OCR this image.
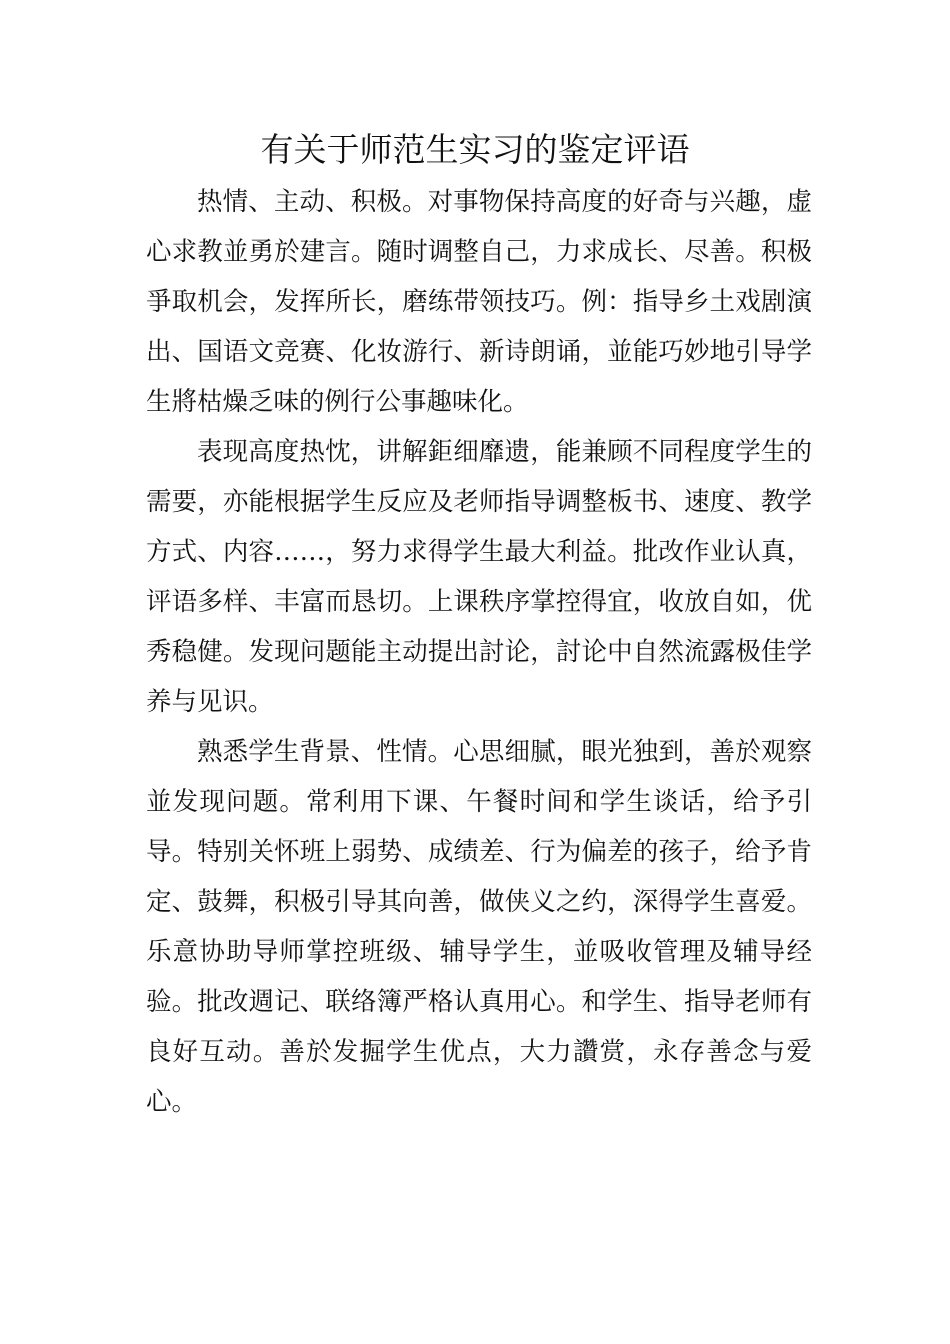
有关于师范生实习的鉴定评语

热情、主动、积极。对事物保持高度的好奇与兴趣，虚心求教並勇於建言。随时调整自己，力求成长、尽善。积极爭取机会，发挥所长，磨练带领技巧。例：指导乡土戏剧演出、国语文竞赛、化妆游行、新诗朗诵，並能巧妙地引导学生將枯燥乏味的例行公事趣味化。

表现高度热忱，讲解鉅细靡遗，能兼顾不同程度学生的需要，亦能根据学生反应及老师指导调整板书、速度、教学方式、内容……，努力求得学生最大利益。批改作业认真，评语多样、丰富而恳切。上课秩序掌控得宜，收放自如，优秀稳健。发现问题能主动提出討论，討论中自然流露极佳学养与见识。

熟悉学生背景、性情。心思细腻，眼光独到，善於观察並发现问题。常利用下课、午餐时间和学生谈话，给予引导。特别关怀班上弱势、成绩差、行为偏差的孩子，给予肯定、鼓舞，积极引导其向善，做侠义之约，深得学生喜爱。乐意协助导师掌控班级、辅导学生，並吸收管理及辅导经验。批改週记、联络簿严格认真用心。和学生、指导老师有良好互动。善於发掘学生优点，大力讚赏，永存善念与爱心。
